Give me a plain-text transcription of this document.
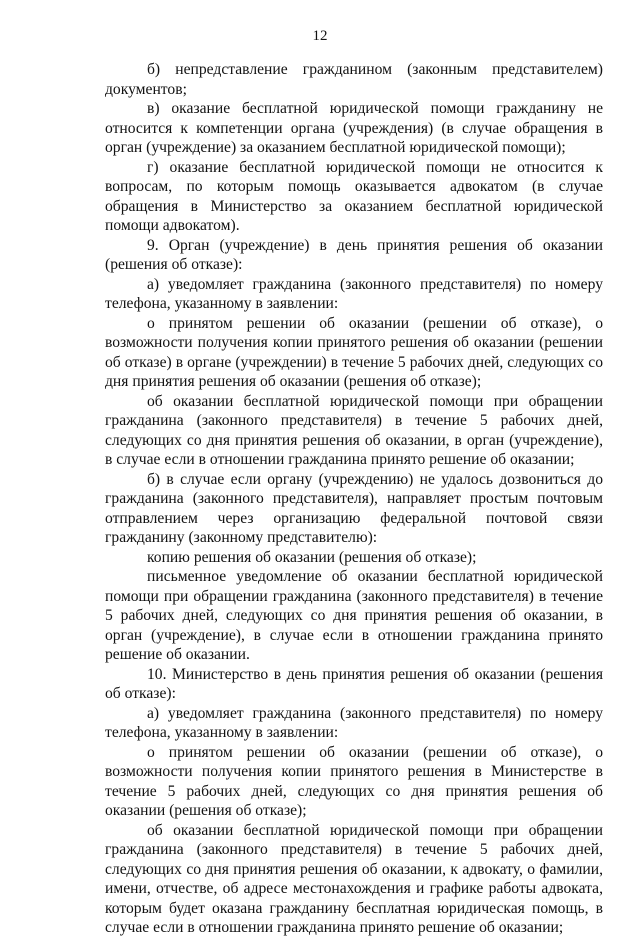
12

б) непредставление гражданином (законным представителем) документов;

в) оказание бесплатной юридической помощи гражданину не относится к компетенции органа (учреждения) (в случае обращения в орган (учреждение) за оказанием бесплатной юридической помощи);

г) оказание бесплатной юридической помощи не относится к вопросам, по которым помощь оказывается адвокатом (в случае обращения в Министерство за оказанием бесплатной юридической помощи адвокатом).

9. Орган (учреждение) в день принятия решения об оказании (решения об отказе):

а) уведомляет гражданина (законного представителя) по номеру телефона, указанному в заявлении:

о принятом решении об оказании (решении об отказе), о возможности получения копии принятого решения об оказании (решении об отказе) в органе (учреждении) в течение 5 рабочих дней, следующих со дня принятия решения об оказании (решения об отказе);

об оказании бесплатной юридической помощи при обращении гражданина (законного представителя) в течение 5 рабочих дней, следующих со дня принятия решения об оказании, в орган (учреждение), в случае если в отношении гражданина принято решение об оказании;

б) в случае если органу (учреждению) не удалось дозвониться до гражданина (законного представителя), направляет простым почтовым отправлением через организацию федеральной почтовой связи гражданину (законному представителю):

копию решения об оказании (решения об отказе);

письменное уведомление об оказании бесплатной юридической помощи при обращении гражданина (законного представителя) в течение 5 рабочих дней, следующих со дня принятия решения об оказании, в орган (учреждение), в случае если в отношении гражданина принято решение об оказании.

10. Министерство в день принятия решения об оказании (решения об отказе):

а) уведомляет гражданина (законного представителя) по номеру телефона, указанному в заявлении:

о принятом решении об оказании (решении об отказе), о возможности получения копии принятого решения в Министерстве в течение 5 рабочих дней, следующих со дня принятия решения об оказании (решения об отказе);

об оказании бесплатной юридической помощи при обращении гражданина (законного представителя) в течение 5 рабочих дней, следующих со дня принятия решения об оказании, к адвокату, о фамилии, имени, отчестве, об адресе местонахождения и графике работы адвоката, которым будет оказана гражданину бесплатная юридическая помощь, в случае если в отношении гражданина принято решение об оказании;
